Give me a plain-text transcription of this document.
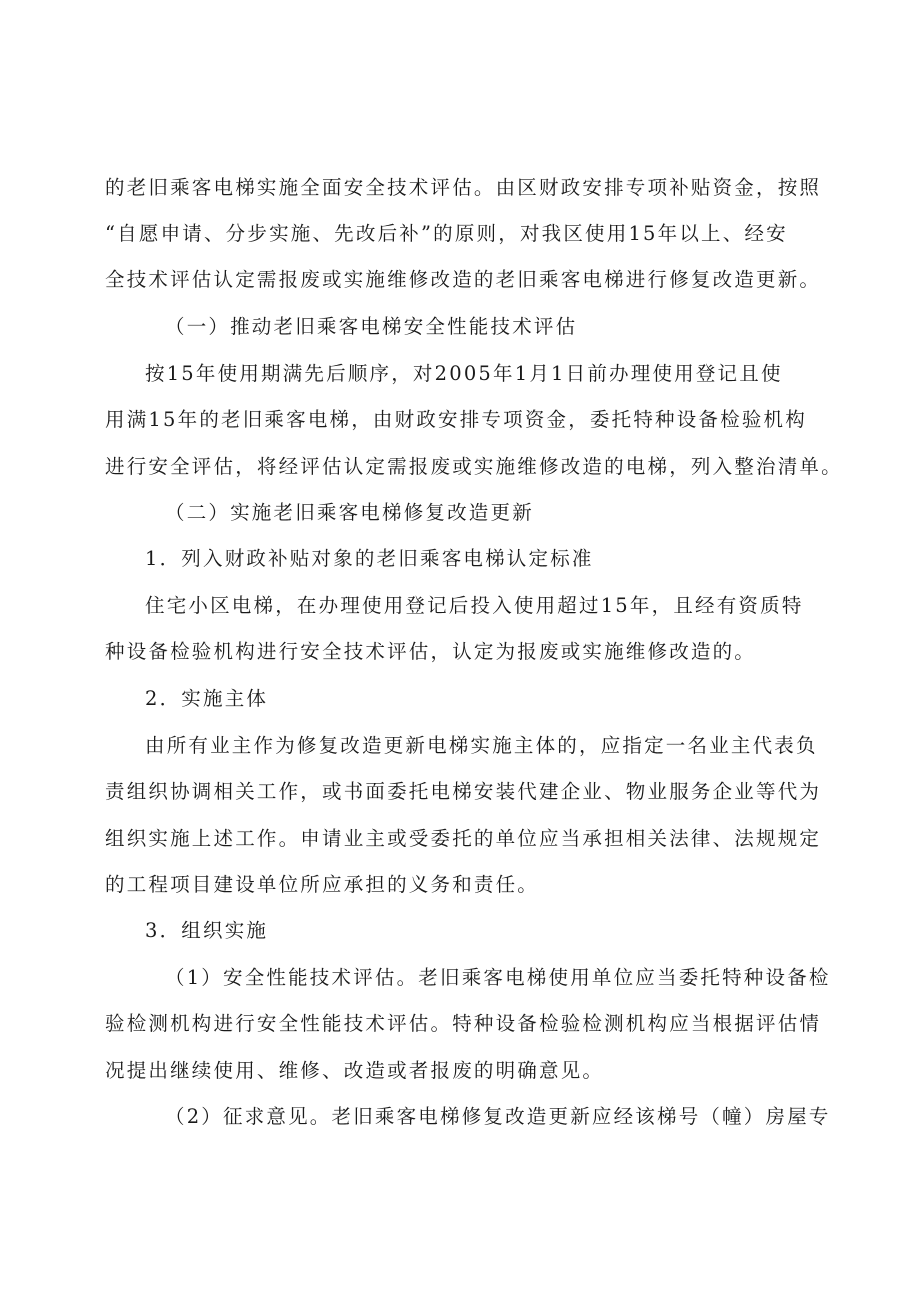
的老旧乘客电梯实施全面安全技术评估。由区财政安排专项补贴资金，按照
“自愿申请、分步实施、先改后补”的原则，对我区使用15年以上、经安
全技术评估认定需报废或实施维修改造的老旧乘客电梯进行修复改造更新。
（一）推动老旧乘客电梯安全性能技术评估
按15年使用期满先后顺序，对2005年1月1日前办理使用登记且使
用满15年的老旧乘客电梯，由财政安排专项资金，委托特种设备检验机构
进行安全评估，将经评估认定需报废或实施维修改造的电梯，列入整治清单。
（二）实施老旧乘客电梯修复改造更新
1．列入财政补贴对象的老旧乘客电梯认定标准
住宅小区电梯，在办理使用登记后投入使用超过15年，且经有资质特
种设备检验机构进行安全技术评估，认定为报废或实施维修改造的。
2．实施主体
由所有业主作为修复改造更新电梯实施主体的，应指定一名业主代表负
责组织协调相关工作，或书面委托电梯安装代建企业、物业服务企业等代为
组织实施上述工作。申请业主或受委托的单位应当承担相关法律、法规规定
的工程项目建设单位所应承担的义务和责任。
3．组织实施
（1）安全性能技术评估。老旧乘客电梯使用单位应当委托特种设备检
验检测机构进行安全性能技术评估。特种设备检验检测机构应当根据评估情
况提出继续使用、维修、改造或者报废的明确意见。
（2）征求意见。老旧乘客电梯修复改造更新应经该梯号（幢）房屋专
